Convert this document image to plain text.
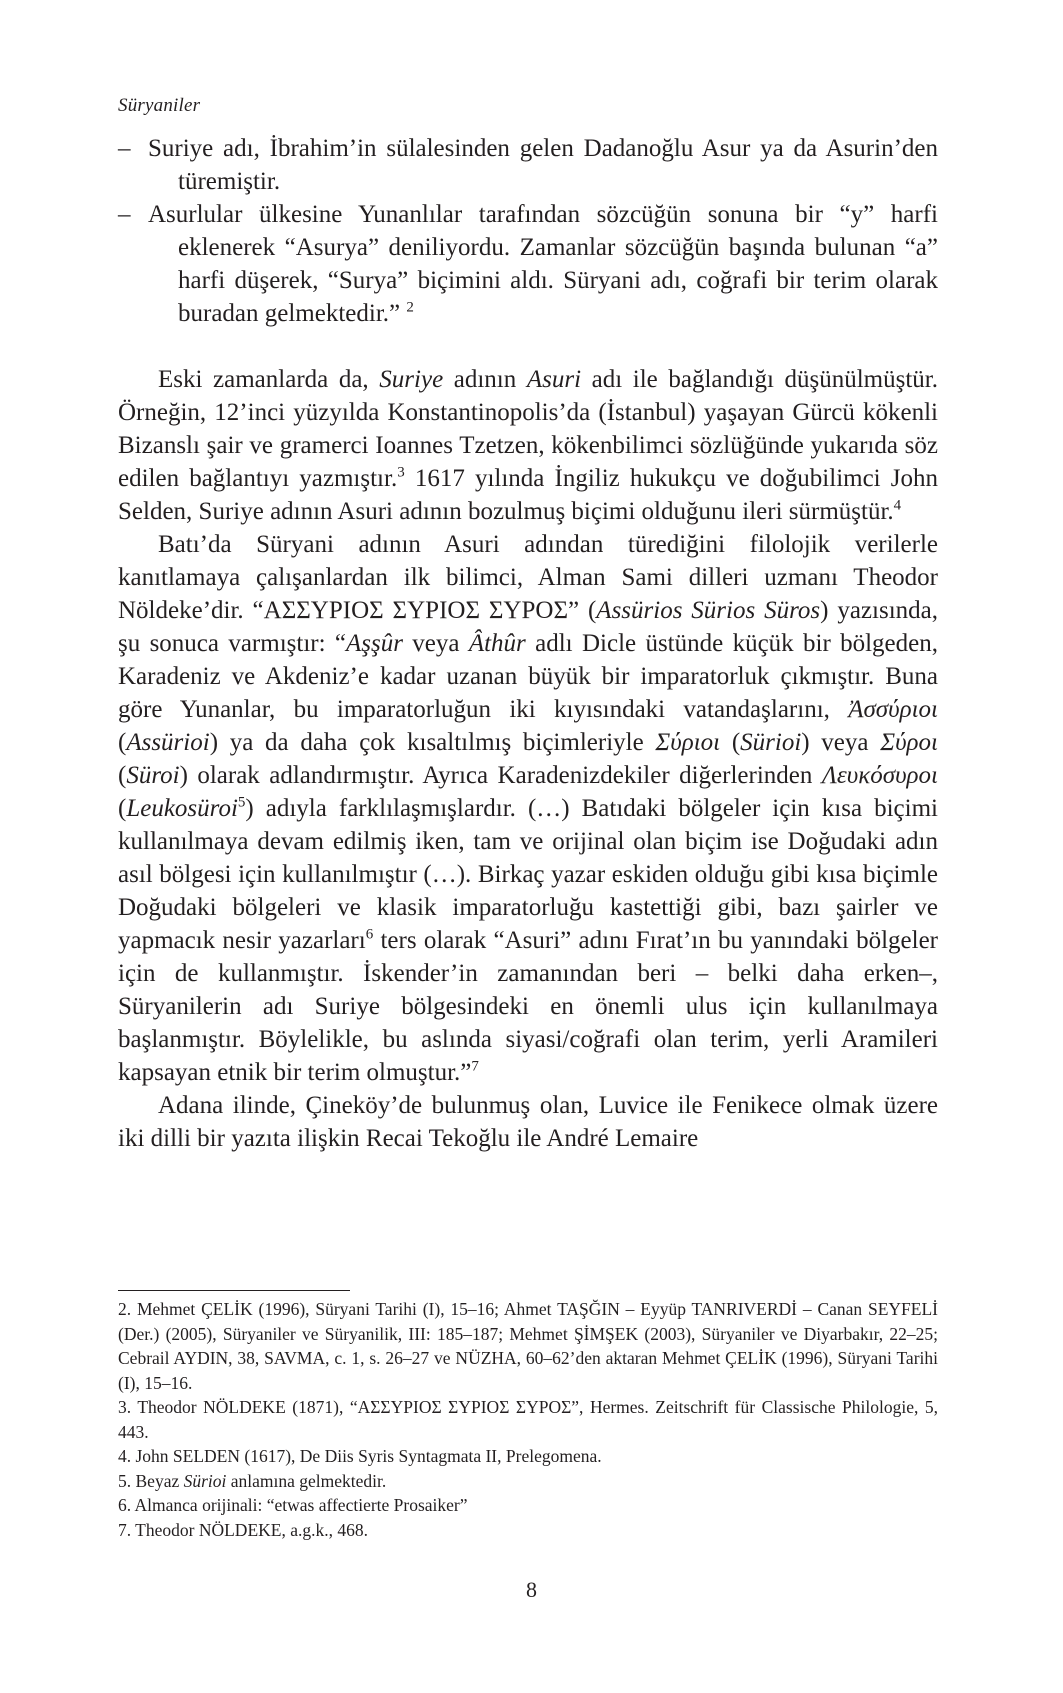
Süryaniler

– Suriye adı, İbrahim’in sülalesinden gelen Dadanoğlu Asur ya da Asurin’den türemiştir.

– Asurlular ülkesine Yunanlılar tarafından sözcüğün sonuna bir “y” harfi eklenerek “Asurya” deniliyordu. Zamanlar sözcüğün başında bulunan “a” harfi düşerek, “Surya” biçimini aldı. Süryani adı, coğrafi bir terim olarak buradan gelmektedir.” $^2$

Eski zamanlarda da, Suriye adının Asuri adı ile bağlandığı düşünülmüştür. Örneğin, 12’inci yüzyılda Konstantinopolis’da (İstanbul) yaşayan Gürcü kökenli Bizanslı şair ve gramerci Ioannes Tzetzen, kökenbilimci sözlüğünde yukarıda söz edilen bağlantıyı yazmıştır.$^3$ 1617 yılında İngiliz hukukçu ve doğubilimci John Selden, Suriye adının Asuri adının bozulmuş biçimi olduğunu ileri sürmüştür.$^4$

Batı’da Süryani adının Asuri adından türediğini filolojik verilerle kanıtlamaya çalışanlardan ilk bilimci, Alman Sami dilleri uzmanı Theodor Nöldeke’dir. “ΑΣΣΥΡΙΟΣ ΣΥΡΙΟΣ ΣΥΡΟΣ” (Assürios Sürios Süros) yazısında, şu sonuca varmıştır: “Aşşûr veya Âthûr adlı Dicle üstünde küçük bir bölgeden, Karadeniz ve Akdeniz’e kadar uzanan büyük bir imparatorluk çıkmıştır. Buna göre Yunanlar, bu imparatorluğun iki kıyısındaki vatandaşlarını, Ἀσσύριοι (Assürioi) ya da daha çok kısaltılmış biçimleriyle Σύριοι (Sürioi) veya Σύροι (Süroi) olarak adlandırmıştır. Ayrıca Karadenizdekiler diğerlerinden Λευκόσυροι (Leukosüroi$^5$) adıyla farklılaşmışlardır. (…) Batıdaki bölgeler için kısa biçimi kullanılmaya devam edilmiş iken, tam ve orijinal olan biçim ise Doğudaki adın asıl bölgesi için kullanılmıştır (…). Birkaç yazar eskiden olduğu gibi kısa biçimle Doğudaki bölgeleri ve klasik imparatorluğu kastettiği gibi, bazı şairler ve yapmacık nesir yazarları$^6$ ters olarak “Asuri” adını Fırat’ın bu yanındaki bölgeler için de kullanmıştır. İskender’in zamanından beri – belki daha erken–, Süryanilerin adı Suriye bölgesindeki en önemli ulus için kullanılmaya başlanmıştır. Böylelikle, bu aslında siyasi/coğrafi olan terim, yerli Aramileri kapsayan etnik bir terim olmuştur.”$^7$

Adana ilinde, Çineköy’de bulunmuş olan, Luvice ile Fenikece olmak üzere iki dilli bir yazıta ilişkin Recai Tekoğlu ile André Lemaire

2. Mehmet ÇELİK (1996), Süryani Tarihi (I), 15–16; Ahmet TAŞĞIN – Eyyüp TANRIVERDİ – Canan SEYFELİ (Der.) (2005), Süryaniler ve Süryanilik, III: 185–187; Mehmet ŞİMŞEK (2003), Süryaniler ve Diyarbakır, 22–25; Cebrail AYDIN, 38, SAVMA, c. 1, s. 26–27 ve NÜZHA, 60–62’den aktaran Mehmet ÇELİK (1996), Süryani Tarihi (I), 15–16.

3. Theodor NÖLDEKE (1871), “ΑΣΣΥΡΙΟΣ ΣΥΡΙΟΣ ΣΥΡΟΣ”, Hermes. Zeitschrift für Classische Philologie, 5, 443.

4. John SELDEN (1617), De Diis Syris Syntagmata II, Prelegomena.

5. Beyaz Sürioi anlamına gelmektedir.

6. Almanca orijinali: “etwas affectierte Prosaiker”

7. Theodor NÖLDEKE, a.g.k., 468.

8
